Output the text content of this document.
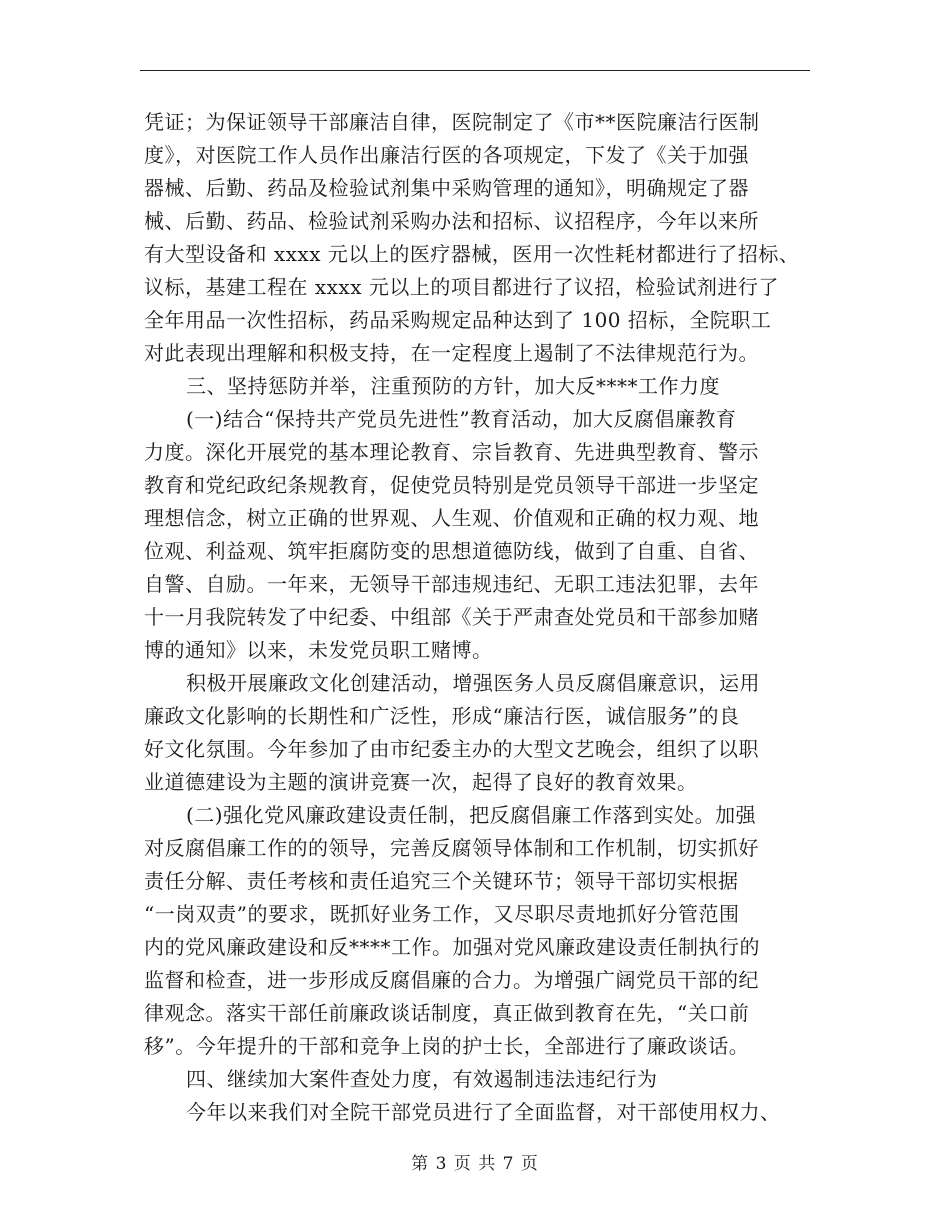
凭证；为保证领导干部廉洁自律，医院制定了《市**医院廉洁行医制
度》，对医院工作人员作出廉洁行医的各项规定，下发了《关于加强
器械、后勤、药品及检验试剂集中采购管理的通知》，明确规定了器
械、后勤、药品、检验试剂采购办法和招标、议招程序，今年以来所
有大型设备和 xxxx 元以上的医疗器械，医用一次性耗材都进行了招标、
议标，基建工程在 xxxx 元以上的项目都进行了议招，检验试剂进行了
全年用品一次性招标，药品采购规定品种达到了 100 招标，全院职工
对此表现出理解和积极支持，在一定程度上遏制了不法律规范行为。
三、坚持惩防并举，注重预防的方针，加大反****工作力度
(一)结合“保持共产党员先进性”教育活动，加大反腐倡廉教育
力度。深化开展党的基本理论教育、宗旨教育、先进典型教育、警示
教育和党纪政纪条规教育，促使党员特别是党员领导干部进一步坚定
理想信念，树立正确的世界观、人生观、价值观和正确的权力观、地
位观、利益观、筑牢拒腐防变的思想道德防线，做到了自重、自省、
自警、自励。一年来，无领导干部违规违纪、无职工违法犯罪，去年
十一月我院转发了中纪委、中组部《关于严肃查处党员和干部参加赌
博的通知》以来，未发党员职工赌博。
积极开展廉政文化创建活动，增强医务人员反腐倡廉意识，运用
廉政文化影响的长期性和广泛性，形成“廉洁行医，诚信服务”的良
好文化氛围。今年参加了由市纪委主办的大型文艺晚会，组织了以职
业道德建设为主题的演讲竞赛一次，起得了良好的教育效果。
(二)强化党风廉政建设责任制，把反腐倡廉工作落到实处。加强
对反腐倡廉工作的的领导，完善反腐领导体制和工作机制，切实抓好
责任分解、责任考核和责任追究三个关键环节；领导干部切实根据
“一岗双责”的要求，既抓好业务工作，又尽职尽责地抓好分管范围
内的党风廉政建设和反****工作。加强对党风廉政建设责任制执行的
监督和检查，进一步形成反腐倡廉的合力。为增强广阔党员干部的纪
律观念。落实干部任前廉政谈话制度，真正做到教育在先，“关口前
移”。今年提升的干部和竞争上岗的护士长，全部进行了廉政谈话。
四、继续加大案件查处力度，有效遏制违法违纪行为
今年以来我们对全院干部党员进行了全面监督，对干部使用权力、
第 3 页 共 7 页
